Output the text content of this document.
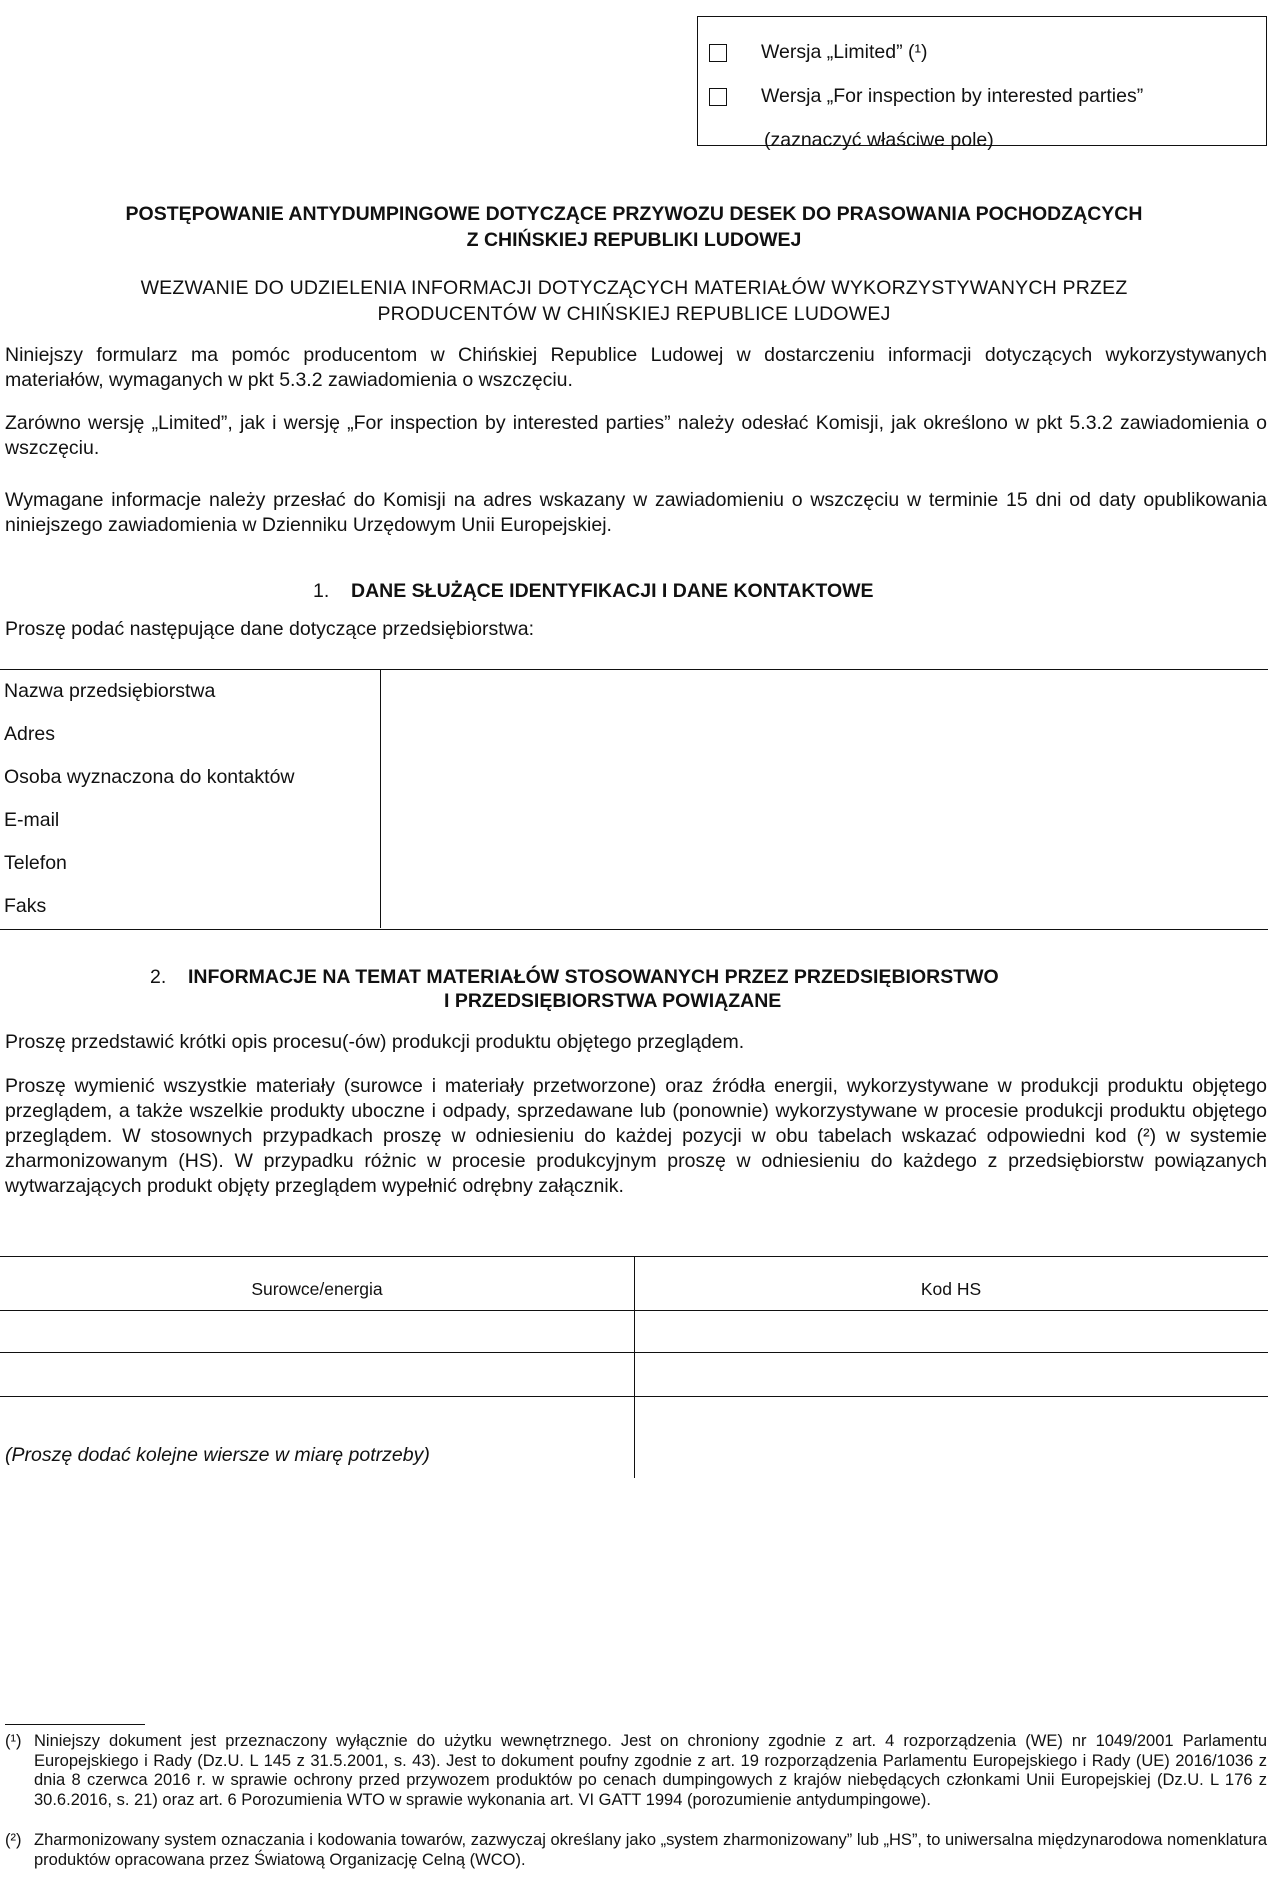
Wersja „Limited” (¹)
Wersja „For inspection by interested parties”
(zaznaczyć właściwe pole)
POSTĘPOWANIE ANTYDUMPINGOWE DOTYCZĄCE PRZYWOZU DESEK DO PRASOWANIA POCHODZĄCYCH
Z CHIŃSKIEJ REPUBLIKI LUDOWEJ
WEZWANIE DO UDZIELENIA INFORMACJI DOTYCZĄCYCH MATERIAŁÓW WYKORZYSTYWANYCH PRZEZ
PRODUCENTÓW W CHIŃSKIEJ REPUBLICE LUDOWEJ
Niniejszy formularz ma pomóc producentom w Chińskiej Republice Ludowej w dostarczeniu informacji dotyczących wykorzystywanych materiałów, wymaganych w pkt 5.3.2 zawiadomienia o wszczęciu.
Zarówno wersję „Limited”, jak i wersję „For inspection by interested parties” należy odesłać Komisji, jak określono w pkt 5.3.2 zawiadomienia o wszczęciu.
Wymagane informacje należy przesłać do Komisji na adres wskazany w zawiadomieniu o wszczęciu w terminie 15 dni od daty opublikowania niniejszego zawiadomienia w Dzienniku Urzędowym Unii Europejskiej.
1. DANE SŁUŻĄCE IDENTYFIKACJI I DANE KONTAKTOWE
Proszę podać następujące dane dotyczące przedsiębiorstwa:
Nazwa przedsiębiorstwa	
Adres	
Osoba wyznaczona do kontaktów	
E-mail	
Telefon	
Faks	
2. INFORMACJE NA TEMAT MATERIAŁÓW STOSOWANYCH PRZEZ PRZEDSIĘBIORSTWO
I PRZEDSIĘBIORSTWA POWIĄZANE
Proszę przedstawić krótki opis procesu(-ów) produkcji produktu objętego przeglądem.
Proszę wymienić wszystkie materiały (surowce i materiały przetworzone) oraz źródła energii, wykorzystywane w produkcji produktu objętego przeglądem, a także wszelkie produkty uboczne i odpady, sprzedawane lub (ponownie) wykorzystywane w procesie produkcji produktu objętego przeglądem. W stosownych przypadkach proszę w odniesieniu do każdej pozycji w obu tabelach wskazać odpowiedni kod (²) w systemie zharmonizowanym (HS). W przypadku różnic w procesie produkcyjnym proszę w odniesieniu do każdego z przedsiębiorstw powiązanych wytwarzających produkt objęty przeglądem wypełnić odrębny załącznik.
Surowce/energia	Kod HS
(Proszę dodać kolejne wiersze w miarę potrzeby)
(¹) Niniejszy dokument jest przeznaczony wyłącznie do użytku wewnętrznego. Jest on chroniony zgodnie z art. 4 rozporządzenia (WE) nr 1049/2001 Parlamentu Europejskiego i Rady (Dz.U. L 145 z 31.5.2001, s. 43). Jest to dokument poufny zgodnie z art. 19 rozporządzenia Parlamentu Europejskiego i Rady (UE) 2016/1036 z dnia 8 czerwca 2016 r. w sprawie ochrony przed przywozem produktów po cenach dumpingowych z krajów niebędących członkami Unii Europejskiej (Dz.U. L 176 z 30.6.2016, s. 21) oraz art. 6 Porozumienia WTO w sprawie wykonania art. VI GATT 1994 (porozumienie antydumpingowe).
(²) Zharmonizowany system oznaczania i kodowania towarów, zazwyczaj określany jako „system zharmonizowany” lub „HS”, to uniwersalna międzynarodowa nomenklatura produktów opracowana przez Światową Organizację Celną (WCO).
